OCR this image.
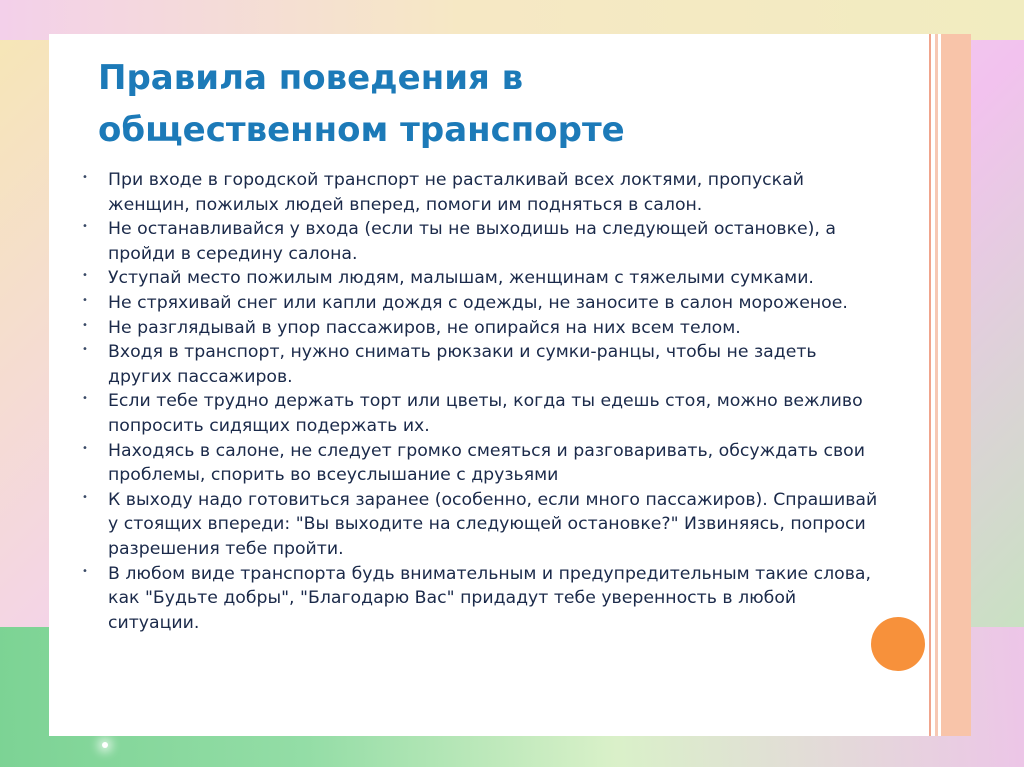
Правила поведения в
общественном транспорте
• При входе в городской транспорт не расталкивай всех локтями, пропускай женщин, пожилых людей вперед, помоги им подняться в салон.
• Не останавливайся у входа (если ты не выходишь на следующей остановке), а пройди в середину салона.
• Уступай место пожилым людям, малышам, женщинам с тяжелыми сумками.
• Не стряхивай снег или капли дождя с одежды, не заносите в салон мороженое.
• Не разглядывай в упор пассажиров, не опирайся на них всем телом.
• Входя в транспорт, нужно снимать рюкзаки и сумки-ранцы, чтобы не задеть других пассажиров.
• Если тебе трудно держать торт или цветы, когда ты едешь стоя, можно вежливо попросить сидящих подержать их.
• Находясь в салоне, не следует громко смеяться и разговаривать, обсуждать свои проблемы, спорить во всеуслышание с друзьями
• К выходу надо готовиться заранее (особенно, если много пассажиров). Спрашивай у стоящих впереди: "Вы выходите на следующей остановке?" Извиняясь, попроси разрешения тебе пройти.
• В любом виде транспорта будь внимательным и предупредительным такие слова, как "Будьте добры", "Благодарю Вас" придадут тебе уверенность в любой ситуации.
